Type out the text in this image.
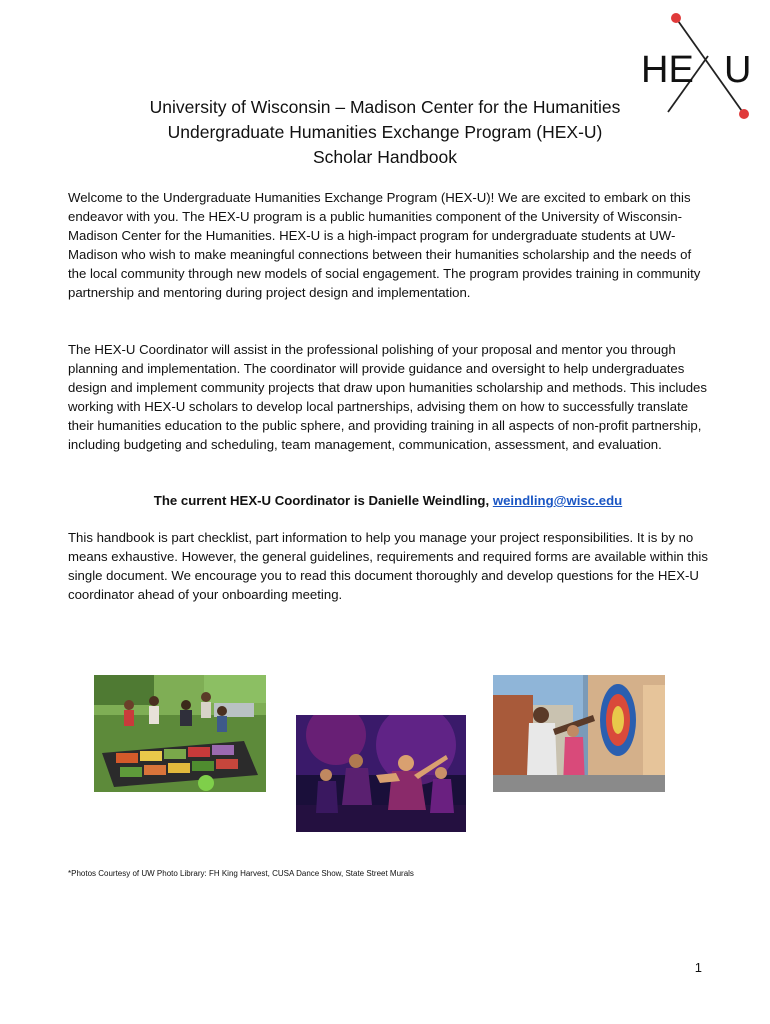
HE U
University of Wisconsin – Madison Center for the Humanities
Undergraduate Humanities Exchange Program (HEX-U)
Scholar Handbook

Welcome to the Undergraduate Humanities Exchange Program (HEX-U)! We are excited to embark on this endeavor with you. The HEX-U program is a public humanities component of the University of Wisconsin-Madison Center for the Humanities. HEX-U is a high-impact program for undergraduate students at UW-Madison who wish to make meaningful connections between their humanities scholarship and the needs of the local community through new models of social engagement. The program provides training in community partnership and mentoring during project design and implementation.

The HEX-U Coordinator will assist in the professional polishing of your proposal and mentor you through planning and implementation. The coordinator will provide guidance and oversight to help undergraduates design and implement community projects that draw upon humanities scholarship and methods. This includes working with HEX-U scholars to develop local partnerships, advising them on how to successfully translate their humanities education to the public sphere, and providing training in all aspects of non-profit partnership, including budgeting and scheduling, team management, communication, assessment, and evaluation.

The current HEX-U Coordinator is Danielle Weindling, weindling@wisc.edu

This handbook is part checklist, part information to help you manage your project responsibilities. It is by no means exhaustive. However, the general guidelines, requirements and required forms are available within this single document. We encourage you to read this document thoroughly and develop questions for the HEX-U coordinator ahead of your onboarding meeting.

*Photos Courtesy of UW Photo Library: FH King Harvest, CUSA Dance Show, State Street Murals
1
